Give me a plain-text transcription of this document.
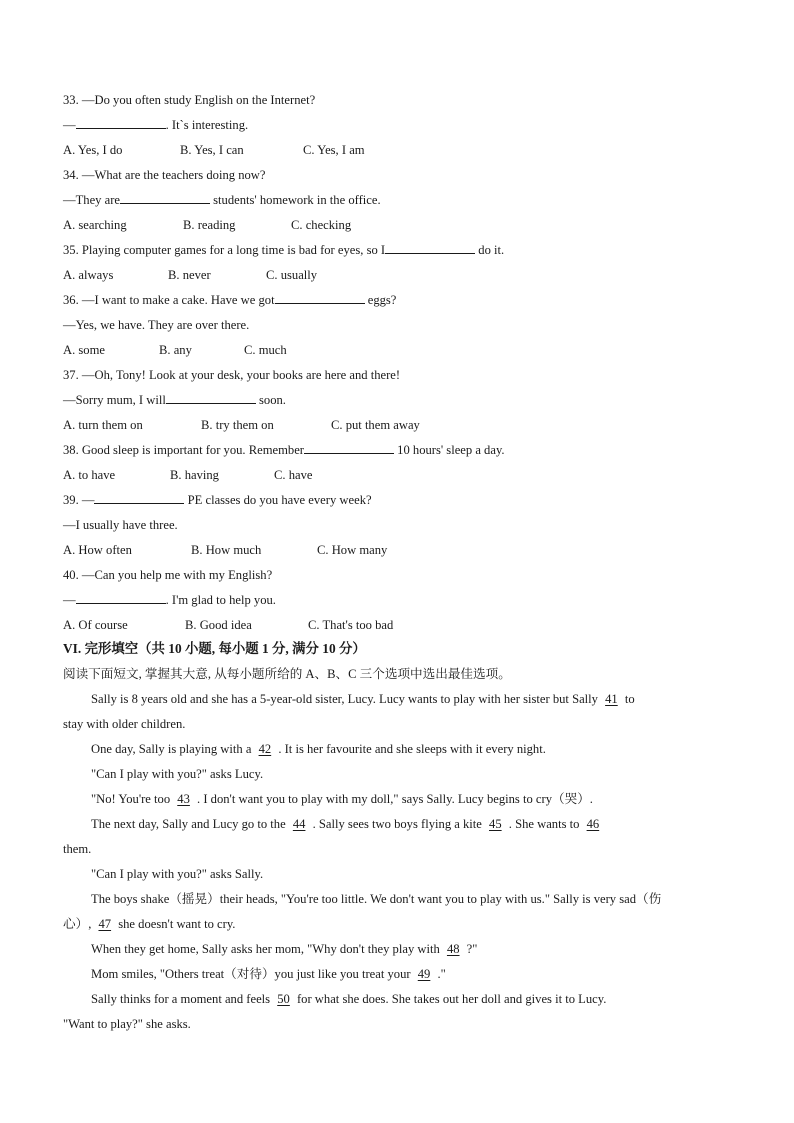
33. —Do you often study English on the Internet?
—	. It`s interesting.
A. Yes, I do	B. Yes, I can	C. Yes, I am
34. —What are the teachers doing now?
—They are	students' homework in the office.
A. searching	B. reading	C. checking
35. Playing computer games for a long time is bad for eyes, so I	do it.
A. always	B. never	C. usually
36. —I want to make a cake. Have we got	eggs?
—Yes, we have. They are over there.
A. some	B. any	C. much
37. —Oh, Tony! Look at your desk, your books are here and there!
—Sorry mum, I will	soon.
A. turn them on	B. try them on	C. put them away
38. Good sleep is important for you. Remember	10 hours' sleep a day.
A. to have	B. having	C. have
39. —	PE classes do you have every week?
—I usually have three.
A. How often	B. How much	C. How many
40. —Can you help me with my English?
—	. I'm glad to help you.
A. Of course	B. Good idea	C. That's too bad
VI. 完形填空（共 10 小题, 每小题 1 分, 满分 10 分）
阅读下面短文, 掌握其大意, 从每小题所给的 A、B、C 三个选项中选出最佳选项。
Sally is 8 years old and she has a 5-year-old sister, Lucy. Lucy wants to play with her sister but Sally 41 to
stay with older children.
One day, Sally is playing with a 42 . It is her favourite and she sleeps with it every night.
"Can I play with you?" asks Lucy.
"No! You're too 43 . I don't want you to play with my doll," says Sally. Lucy begins to cry（哭）.
The next day, Sally and Lucy go to the 44 . Sally sees two boys flying a kite 45 . She wants to 46
them.
"Can I play with you?" asks Sally.
The boys shake（摇晃）their heads, "You're too little. We don't want you to play with us." Sally is very sad（伤
心）, 47 she doesn't want to cry.
When they get home, Sally asks her mom, "Why don't they play with 48 ?"
Mom smiles, "Others treat（对待）you just like you treat your 49 ."
Sally thinks for a moment and feels 50 for what she does. She takes out her doll and gives it to Lucy.
"Want to play?" she asks.
